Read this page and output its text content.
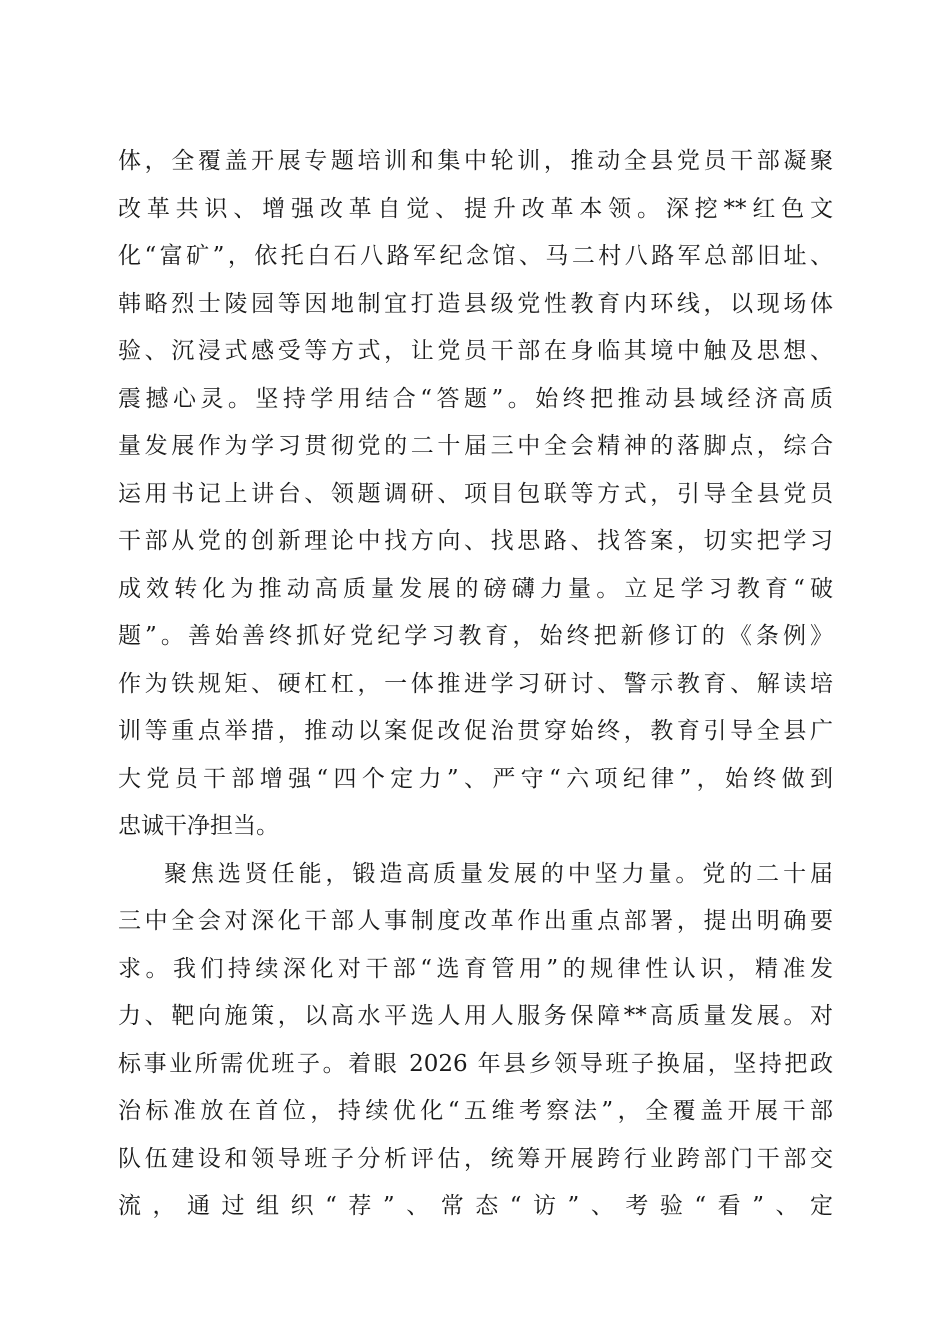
体，全覆盖开展专题培训和集中轮训，推动全县党员干部凝聚
改革共识、增强改革自觉、提升改革本领。深挖**红色文
化“富矿”，依托白石八路军纪念馆、马二村八路军总部旧址、
韩略烈士陵园等因地制宜打造县级党性教育内环线，以现场体
验、沉浸式感受等方式，让党员干部在身临其境中触及思想、
震撼心灵。坚持学用结合“答题”。始终把推动县域经济高质
量发展作为学习贯彻党的二十届三中全会精神的落脚点，综合
运用书记上讲台、领题调研、项目包联等方式，引导全县党员
干部从党的创新理论中找方向、找思路、找答案，切实把学习
成效转化为推动高质量发展的磅礴力量。立足学习教育“破
题”。善始善终抓好党纪学习教育，始终把新修订的《条例》
作为铁规矩、硬杠杠，一体推进学习研讨、警示教育、解读培
训等重点举措，推动以案促改促治贯穿始终，教育引导全县广
大党员干部增强“四个定力”、严守“六项纪律”，始终做到
忠诚干净担当。
聚焦选贤任能，锻造高质量发展的中坚力量。党的二十届
三中全会对深化干部人事制度改革作出重点部署，提出明确要
求。我们持续深化对干部“选育管用”的规律性认识，精准发
力、靶向施策，以高水平选人用人服务保障**高质量发展。对
标事业所需优班子。着眼 2026 年县乡领导班子换届，坚持把政
治标准放在首位，持续优化“五维考察法”，全覆盖开展干部
队伍建设和领导班子分析评估，统筹开展跨行业跨部门干部交
流，通过组织“荐”、常态“访”、考验“看”、定
